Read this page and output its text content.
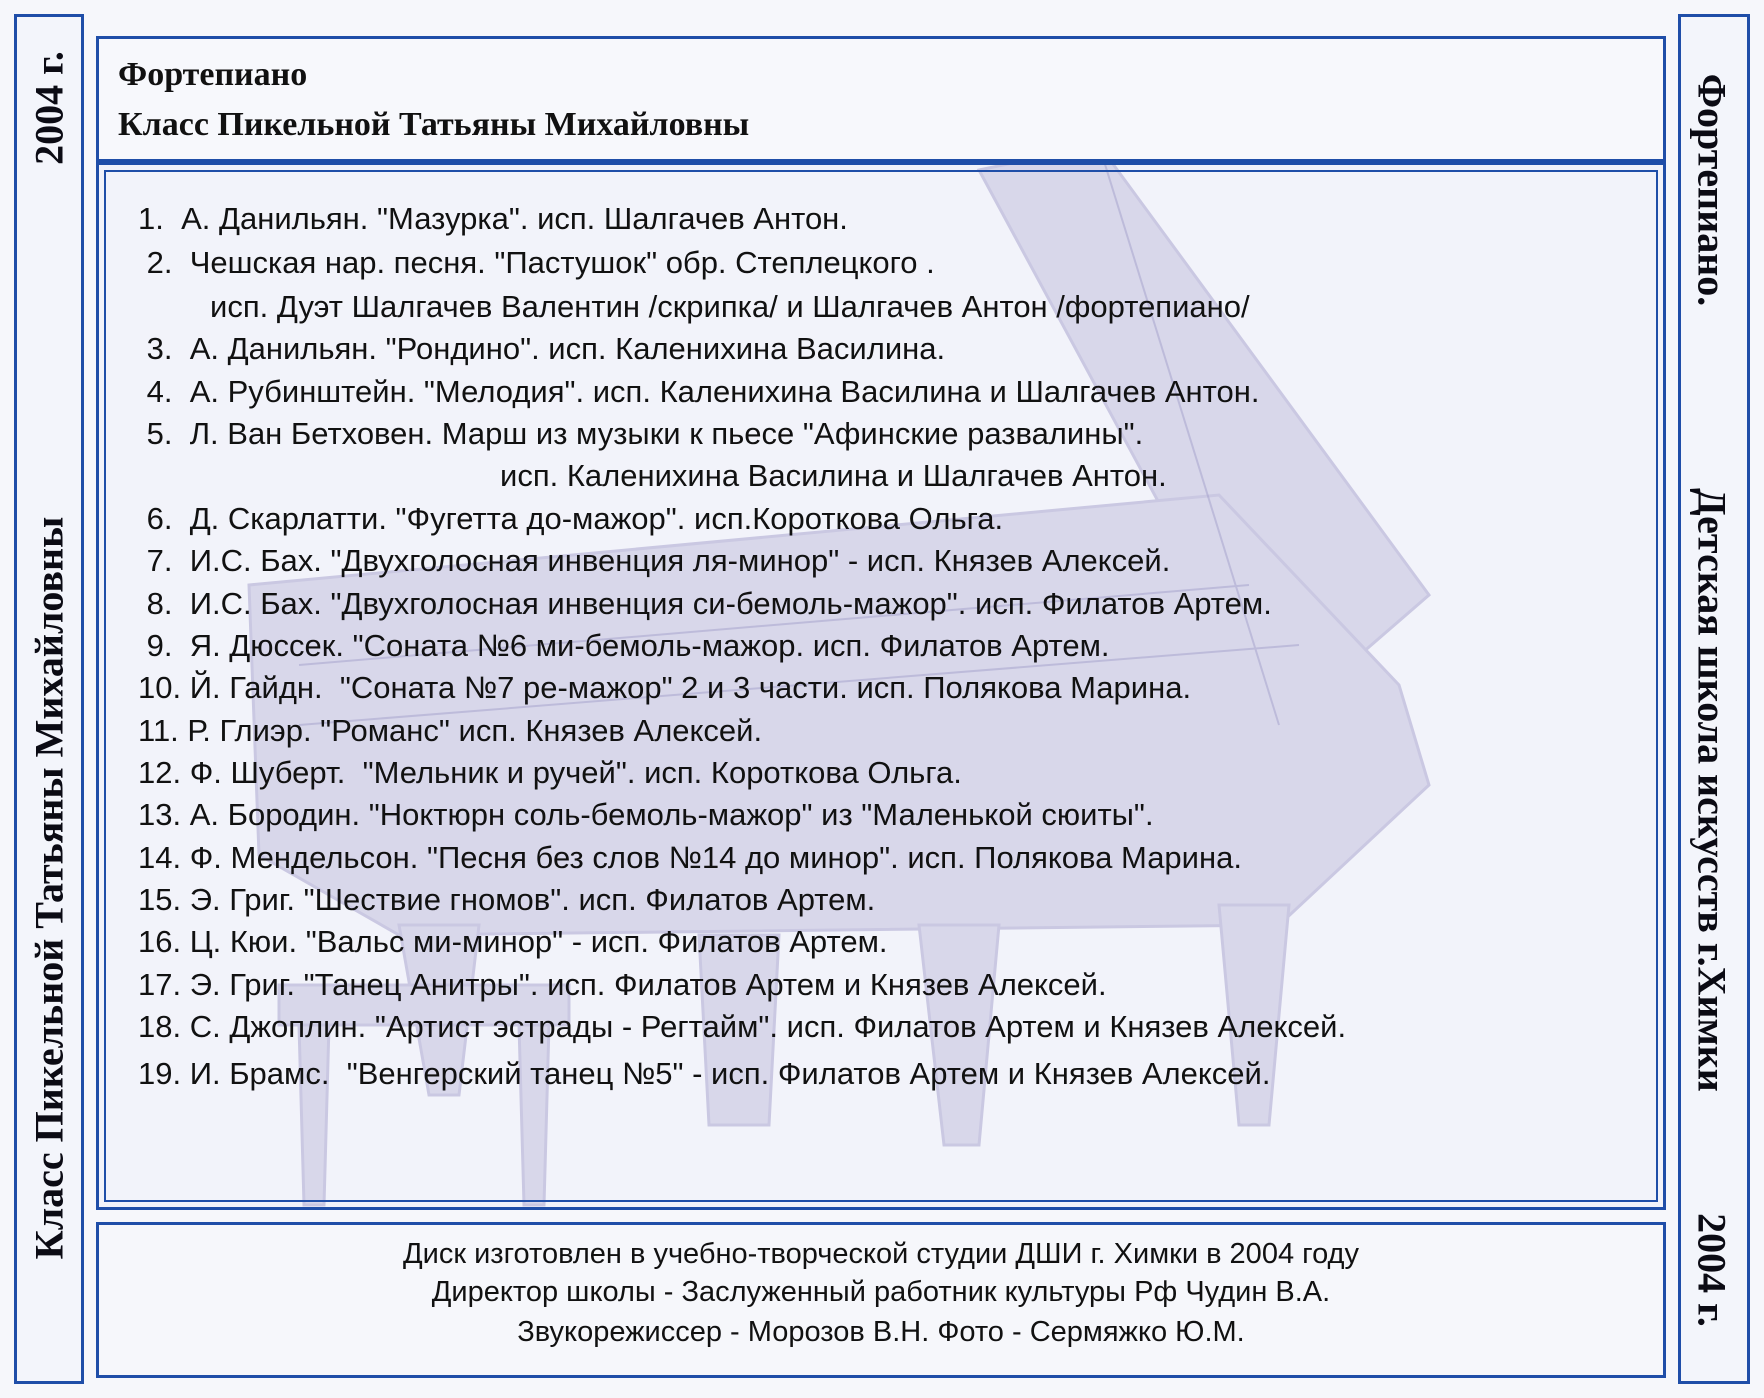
2004 г.
Класс Пикельной Татьяны Михайловны
Фортепиано.
Детская школа искусств г.Химки
2004 г.
Фортепиано
Класс Пикельной Татьяны Михайловны
1.  А. Данильян. "Мазурка". исп. Шалгачев Антон.
2.  Чешская нар. песня. "Пастушок" обр. Степлецкого .
исп. Дуэт Шалгачев Валентин /скрипка/ и Шалгачев Антон /фортепиано/
3.  А. Данильян. "Рондино". исп. Каленихина Василина.
4.  А. Рубинштейн. "Мелодия". исп. Каленихина Василина и Шалгачев Антон.
5.  Л. Ван Бетховен. Марш из музыки к пьесе "Афинские развалины".
исп. Каленихина Василина и Шалгачев Антон.
6.  Д. Скарлатти. "Фугетта до-мажор". исп.Короткова Ольга.
7.  И.С. Бах. "Двухголосная инвенция ля-минор" - исп. Князев Алексей.
8.  И.С. Бах. "Двухголосная инвенция си-бемоль-мажор". исп. Филатов Артем.
9.  Я. Дюссек. "Соната №6 ми-бемоль-мажор. исп. Филатов Артем.
10. Й. Гайдн.  "Соната №7 ре-мажор" 2 и 3 части. исп. Полякова Марина.
11. Р. Глиэр. "Романс" исп. Князев Алексей.
12. Ф. Шуберт.  "Мельник и ручей". исп. Короткова Ольга.
13. А. Бородин. "Ноктюрн соль-бемоль-мажор" из "Маленькой сюиты".
14. Ф. Мендельсон. "Песня без слов №14 до минор". исп. Полякова Марина.
15. Э. Григ. "Шествие гномов". исп. Филатов Артем.
16. Ц. Кюи. "Вальс ми-минор" - исп. Филатов Артем.
17. Э. Григ. "Танец Анитры". исп. Филатов Артем и Князев Алексей.
18. С. Джоплин. "Артист эстрады - Регтайм". исп. Филатов Артем и Князев Алексей.
19. И. Брамс.  "Венгерский танец №5" - исп. Филатов Артем и Князев Алексей.
Диск изготовлен в учебно-творческой студии ДШИ г. Химки в 2004 году
Директор школы - Заслуженный работник культуры Рф Чудин В.А.
Звукорежиссер - Морозов В.Н. Фото - Сермяжко Ю.М.
